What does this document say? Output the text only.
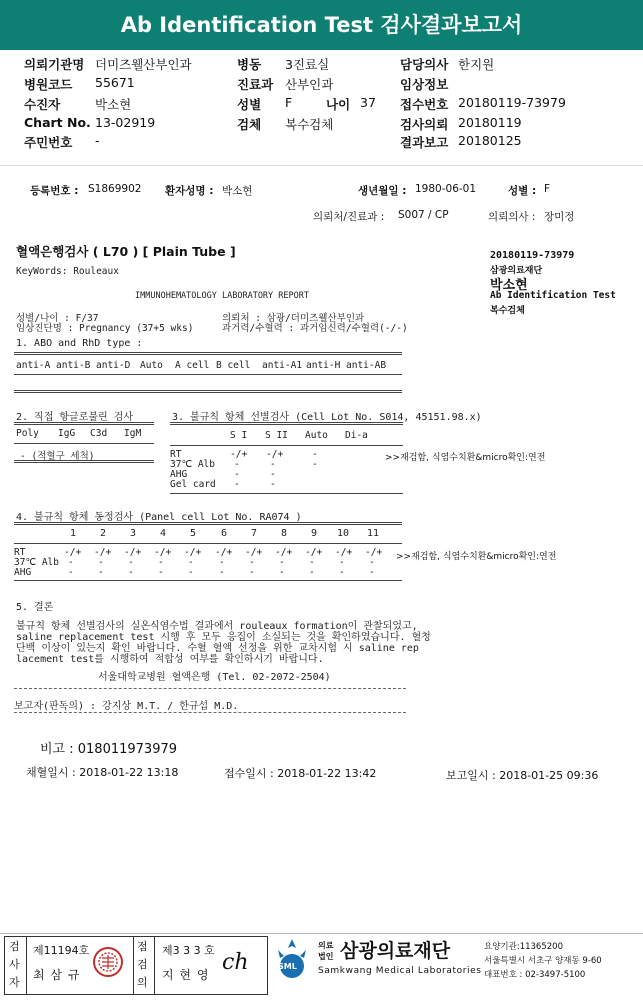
Ab Identification Test 검사결과보고서
의뢰기관명 더미즈웰산부인과
병원코드 55671
수진자	박소현
Chart No. 13-02919
주민번호 -
병동 3진료실
진료과 산부인과
성별 F	나이 37
검체 복수검체
담당의사 한지원
임상정보
접수번호 20180119-73979
검사의뢰 20180119
결과보고 20180125
등록번호 : S1869902 환자성명 : 박소현	생년월일 : 1980-06-01	성별 : F
의뢰처/진료과 : S007 / CP	의뢰의사 : 장미정
혈액은행검사 ( L70 ) [ Plain Tube ]
KeyWords: Rouleaux
20180119-73979
삼광의료재단
박소현
Ab Identification Test
복수검체
IMMUNOHEMATOLOGY LABORATORY REPORT
성별/나이 : F/37
임상진단명 : Pregnancy (37+5 wks)
의뢰처 : 삼광/더미즈웰산부인과
과거력/수혈력 : 과거임신력/수혈력(-/-)
1. ABO and RhD type :
anti-A anti-B anti-D Auto A cell B cell anti-A1 anti-H anti-AB
2. 직접 항글로불린 검사
Poly IgG C3d IgM
- (적혈구 세척)
3. 불규칙 항체 선별검사 (Cell Lot No. S014, 45151.98.x)
S I S II Auto Di-a
RT	-/+ -/+	-
37℃ Alb -	-	-
AHG	-	-
Gel card -	-
>>재검함, 식염수치환&micro확인:연전
4. 불규칙 항체 동정검사 (Panel cell Lot No. RA074 )
1 2 3 4 5 6 7 8 9 10 11
RT	-/+ -/+ -/+ -/+ -/+ -/+ -/+ -/+ -/+ -/+ -/+
37℃ Alb -	-	-	-	-	-	-	-	-	-	-
AHG	-	-	-	-	-	-	-	-	-	-	-
>>재검함, 식염수치환&micro확인:연전
5. 결론
불규칙 항체 선별검사의 실온식염수법 결과에서 rouleaux formation이 관찰되었고,
saline replacement test 시행 후 모두 응집이 소실되는 것을 확인하였습니다. 혈청
단백 이상이 있는지 확인 바랍니다. 수혈 혈액 선정을 위한 교차시험 시 saline rep
lacement test를 시행하여 적합성 여부를 확인하시기 바랍니다.
서울대학교병원 혈액은행 (Tel. 02-2072-2504)
보고자(판독의) : 강지상 M.T. / 한규섭 M.D.
비고 : 018011973979
채혈일시 : 2018-01-22 13:18	접수일시 : 2018-01-22 13:42	보고일시 : 2018-01-25 09:36
검
사
자
제11194호
최 삼 규
점
검
의
제3 3 3 호
지 현 영 ch	SML
의료
법인 삼광의료재단
Samkwang Medical Laboratories
요양기관:11365200
서울특별시 서초구 양재동 9-60
대표번호 : 02-3497-5100
